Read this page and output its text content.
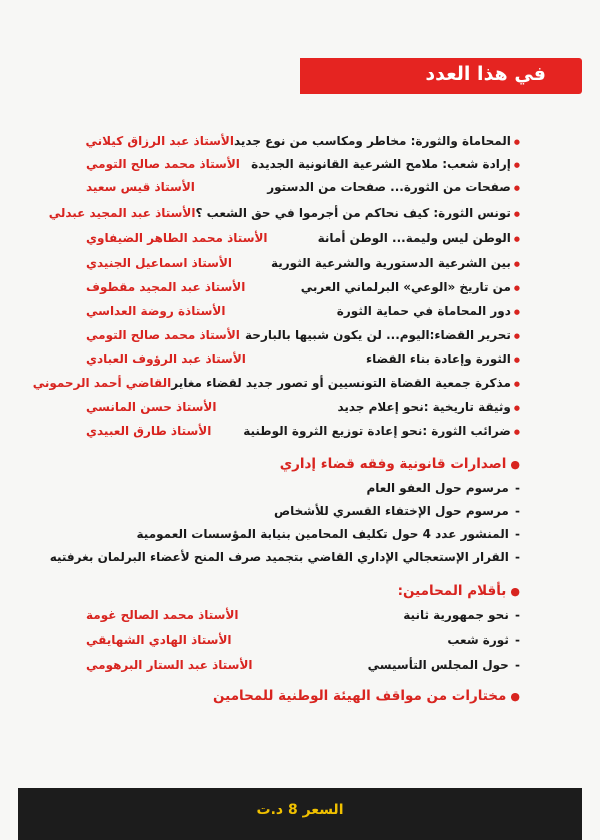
في هذا العدد
● المحاماة والثورة: مخاطر ومكاسب من نوع جديد
الأستاذ عبد الرزاق كيلاني
● إرادة شعب: ملامح الشرعية القانونية الجديدة
الأستاذ محمد صالح التومي
● صفحات من الثورة... صفحات من الدستور
الأستاذ قيس سعيد
● تونس الثورة: كيف نحاكم من أجرموا في حق الشعب ؟
الأستاذ عبد المجيد عبدلي
● الوطن ليس وليمة... الوطن أمانة
الأستاذ محمد الطاهر الضيفاوي
● بين الشرعية الدستورية والشرعية الثورية
الأستاذ اسماعيل الجنيدي
● من تاريخ «الوعي» البرلماني العربي
الأستاذ عبد المجيد مقطوف
● دور المحاماة في حماية الثورة
الأستاذة روضة العداسي
● تحرير القضاء:اليوم... لن يكون شبيها بالبارحة
الأستاذ محمد صالح التومي
● الثورة وإعادة بناء القضاء
الأستاذ عبد الرؤوف العبادي
● مذكرة جمعية القضاة التونسيين أو تصور جديد لقضاء مغاير
القاضي أحمد الرحموني
● وثيقة تاريخية :نحو إعلام جديد
الأستاذ حسن المانسي
● ضرائب الثورة :نحو إعادة توزيع الثروة الوطنية
الأستاذ طارق العبيدي
●
اصدارات قانونية وفقه قضاء إداري
- مرسوم حول العفو العام
- مرسوم حول الإختفاء القسري للأشخاص
- المنشور عدد 4 حول تكليف المحامين بنيابة المؤسسات العمومية
- القرار الإستعجالي الإداري القاضي بتجميد صرف المنح لأعضاء البرلمان بغرفتيه
●
بأقلام المحامين:
- نحو جمهورية ثانية
الأستاذ محمد الصالح غومة
- ثورة شعب
الأستاذ الهادي الشهايقي
- حول المجلس التأسيسي
الأستاذ عبد الستار البرهومي
●
مختارات من مواقف الهيئة الوطنية للمحامين
السعر 8 د.ت
